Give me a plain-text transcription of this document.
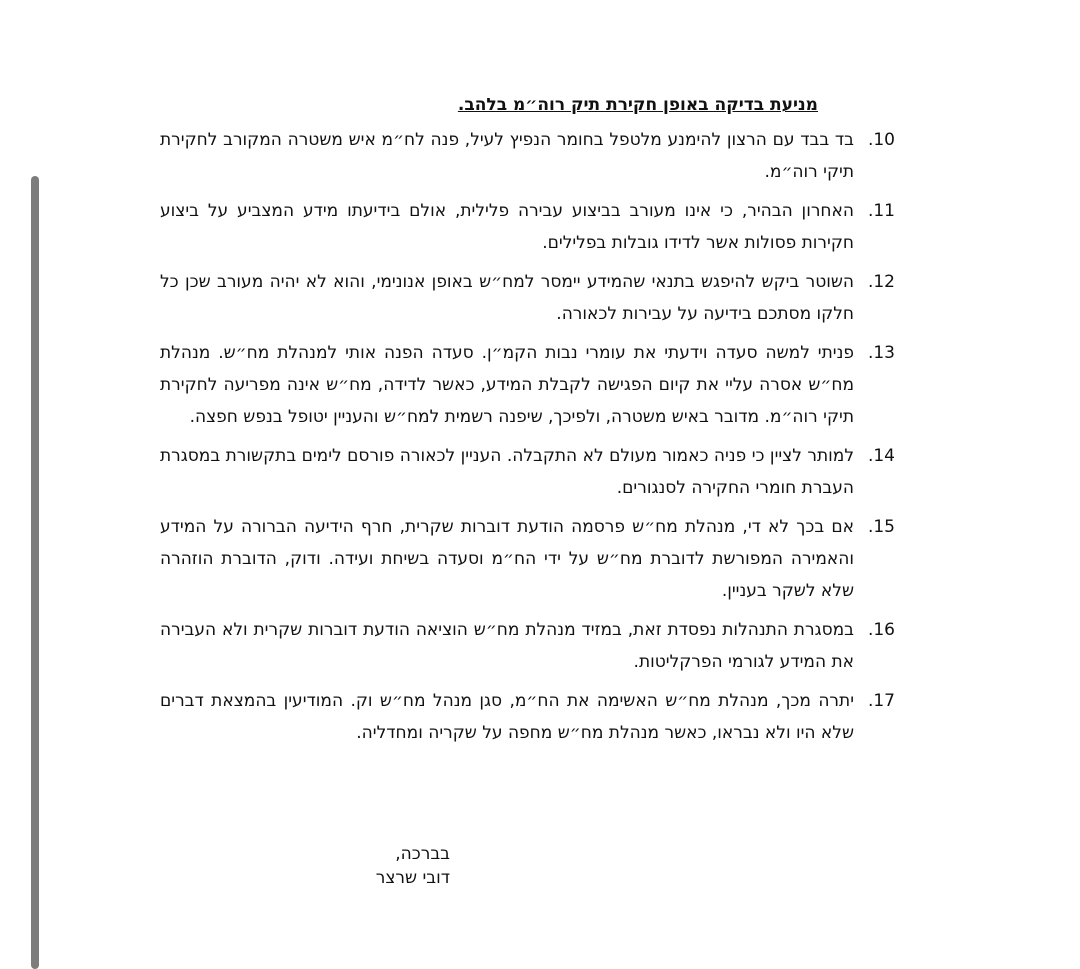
מניעת בדיקה באופן חקירת תיק רוה״מ בלהב.
.10
בד בבד עם הרצון להימנע מלטפל בחומר הנפיץ לעיל, פנה לח״מ איש משטרה המקורב לחקירת תיקי רוה״מ.
.11
האחרון הבהיר, כי אינו מעורב בביצוע עבירה פלילית, אולם בידיעתו מידע המצביע על ביצוע חקירות פסולות אשר לדידו גובלות בפלילים.
.12
השוטר ביקש להיפגש בתנאי שהמידע יימסר למח״ש באופן אנונימי, והוא לא יהיה מעורב שכן כל חלקו מסתכם בידיעה על עבירות לכאורה.
.13
פניתי למשה סעדה וידעתי את עומרי נבות הקמ״ן. סעדה הפנה אותי למנהלת מח״ש. מנהלת מח״ש אסרה עליי את קיום הפגישה לקבלת המידע, כאשר לדידה, מח״ש אינה מפריעה לחקירת תיקי רוה״מ. מדובר באיש משטרה, ולפיכך, שיפנה רשמית למח״ש והעניין יטופל בנפש חפצה.
.14
למותר לציין כי פניה כאמור מעולם לא התקבלה. העניין לכאורה פורסם לימים בתקשורת במסגרת העברת חומרי החקירה לסנגורים.
.15
אם בכך לא די, מנהלת מח״ש פרסמה הודעת דוברות שקרית, חרף הידיעה הברורה על המידע והאמירה המפורשת לדוברת מח״ש על ידי הח״מ וסעדה בשיחת ועידה. ודוק, הדוברת הוזהרה שלא לשקר בעניין.
.16
במסגרת התנהלות נפסדת זאת, במזיד מנהלת מח״ש הוציאה הודעת דוברות שקרית ולא העבירה את המידע לגורמי הפרקליטות.
.17
יתרה מכך, מנהלת מח״ש האשימה את הח״מ, סגן מנהל מח״ש וק. המודיעין בהמצאת דברים שלא היו ולא נבראו, כאשר מנהלת מח״ש מחפה על שקריה ומחדליה.
בברכה,
דובי שרצר
